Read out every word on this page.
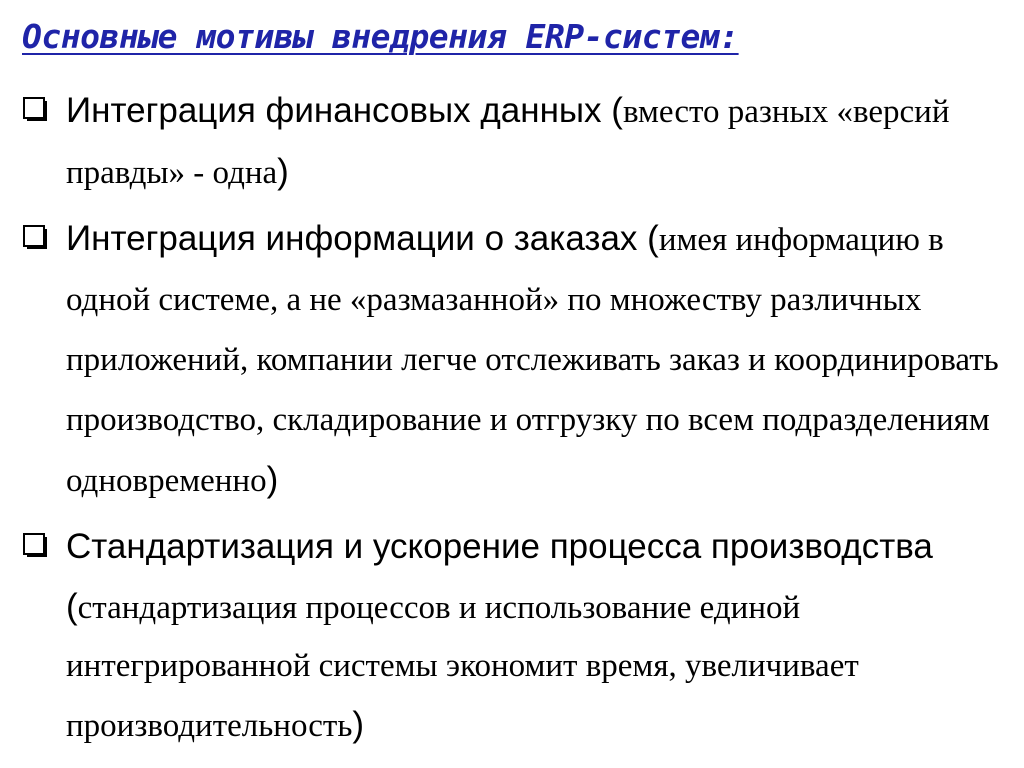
Основные мотивы внедрения ERP-систем:
Интеграция финансовых данных (вместо разных «версий правды» - одна)
Интеграция информации о заказах (имея информацию в одной системе, а не «размазанной» по множеству различных приложений, компании легче отслеживать заказ и координировать производство, складирование и отгрузку по всем подразделениям одновременно)
Стандартизация и ускорение процесса производства (стандартизация процессов и использование единой интегрированной системы экономит время, увеличивает производительность)
